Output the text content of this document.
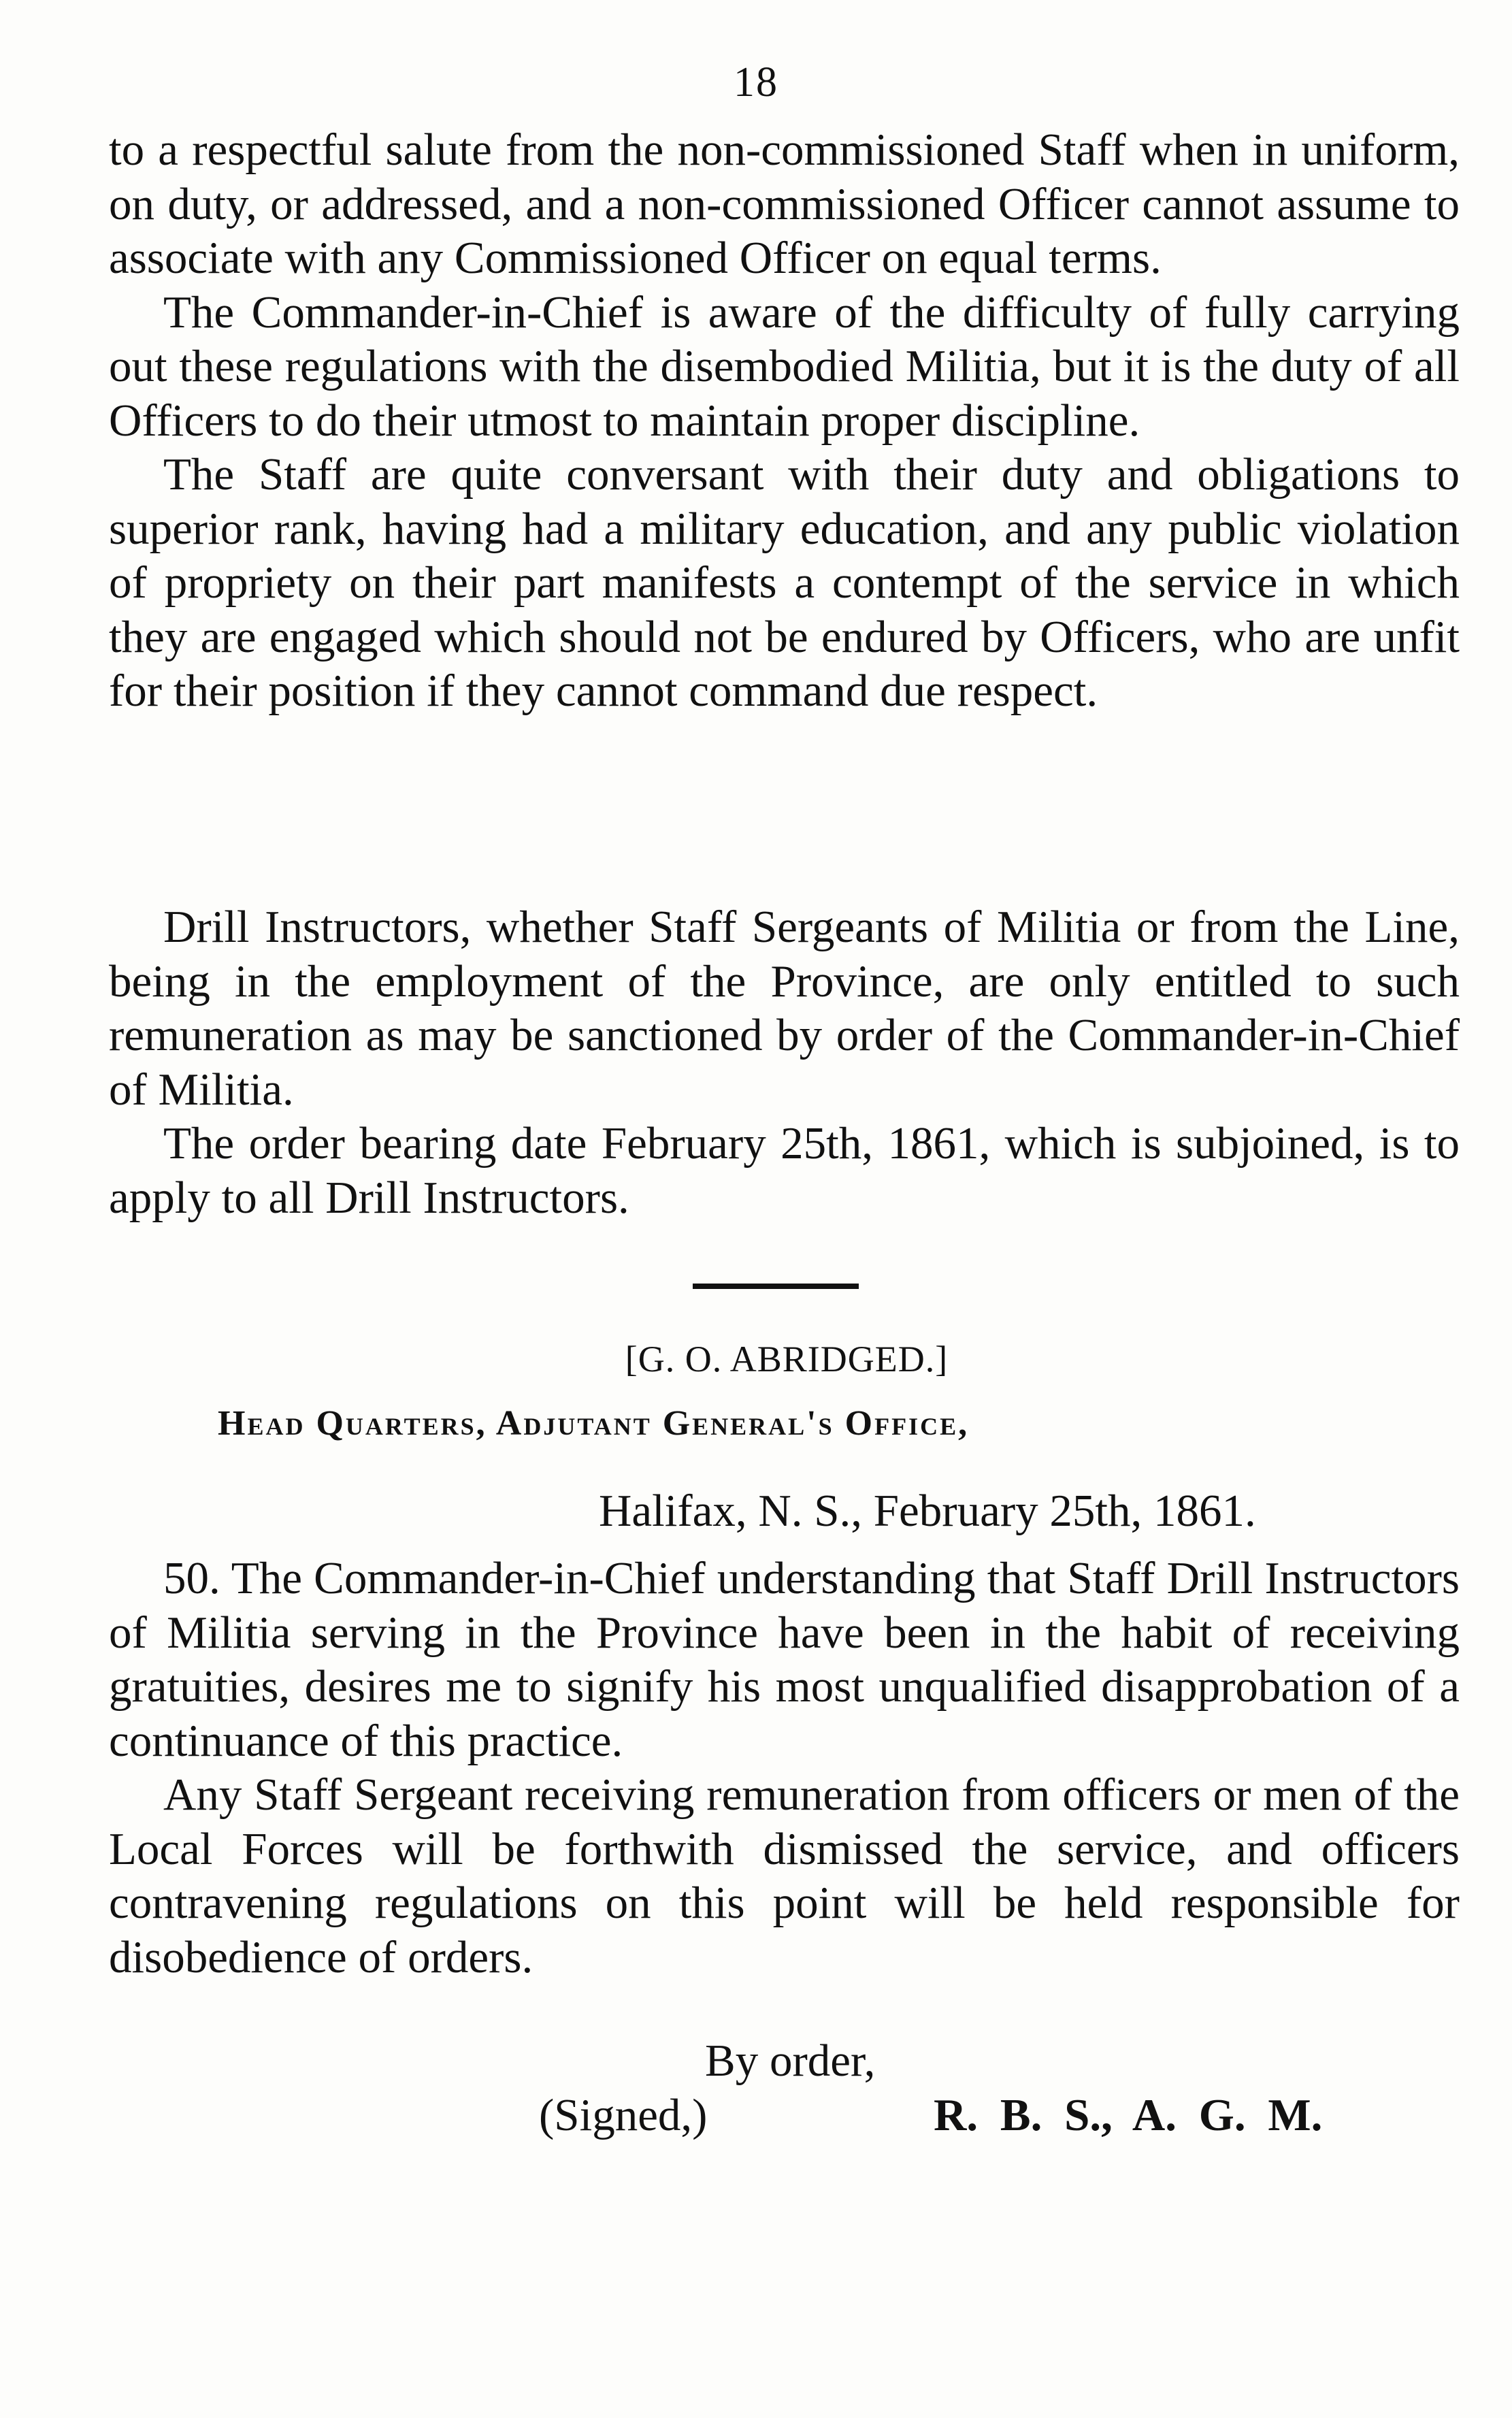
18

to a respectful salute from the non-commissioned Staff when in uniform, on duty, or addressed, and a non-commissioned Officer cannot assume to associate with any Commissioned Officer on equal terms.

The Commander-in-Chief is aware of the difficulty of fully carrying out these regulations with the disembodied Militia, but it is the duty of all Officers to do their utmost to maintain proper discipline.

The Staff are quite conversant with their duty and obligations to superior rank, having had a military education, and any public violation of propriety on their part manifests a contempt of the service in which they are engaged which should not be endured by Officers, who are unfit for their position if they cannot command due respect.

Drill Instructors, whether Staff Sergeants of Militia or from the Line, being in the employment of the Province, are only entitled to such remuneration as may be sanctioned by order of the Commander-in-Chief of Militia.

The order bearing date February 25th, 1861, which is subjoined, is to apply to all Drill Instructors.

[G. O. ABRIDGED.]
Head Quarters, Adjutant General's Office,
Halifax, N. S., February 25th, 1861.

50. The Commander-in-Chief understanding that Staff Drill Instructors of Militia serving in the Province have been in the habit of receiving gratuities, desires me to signify his most unqualified disapprobation of a continuance of this practice.

Any Staff Sergeant receiving remuneration from officers or men of the Local Forces will be forthwith dismissed the service, and officers contravening regulations on this point will be held responsible for disobedience of orders.

By order,
(Signed,)	R. B. S., A. G. M.
